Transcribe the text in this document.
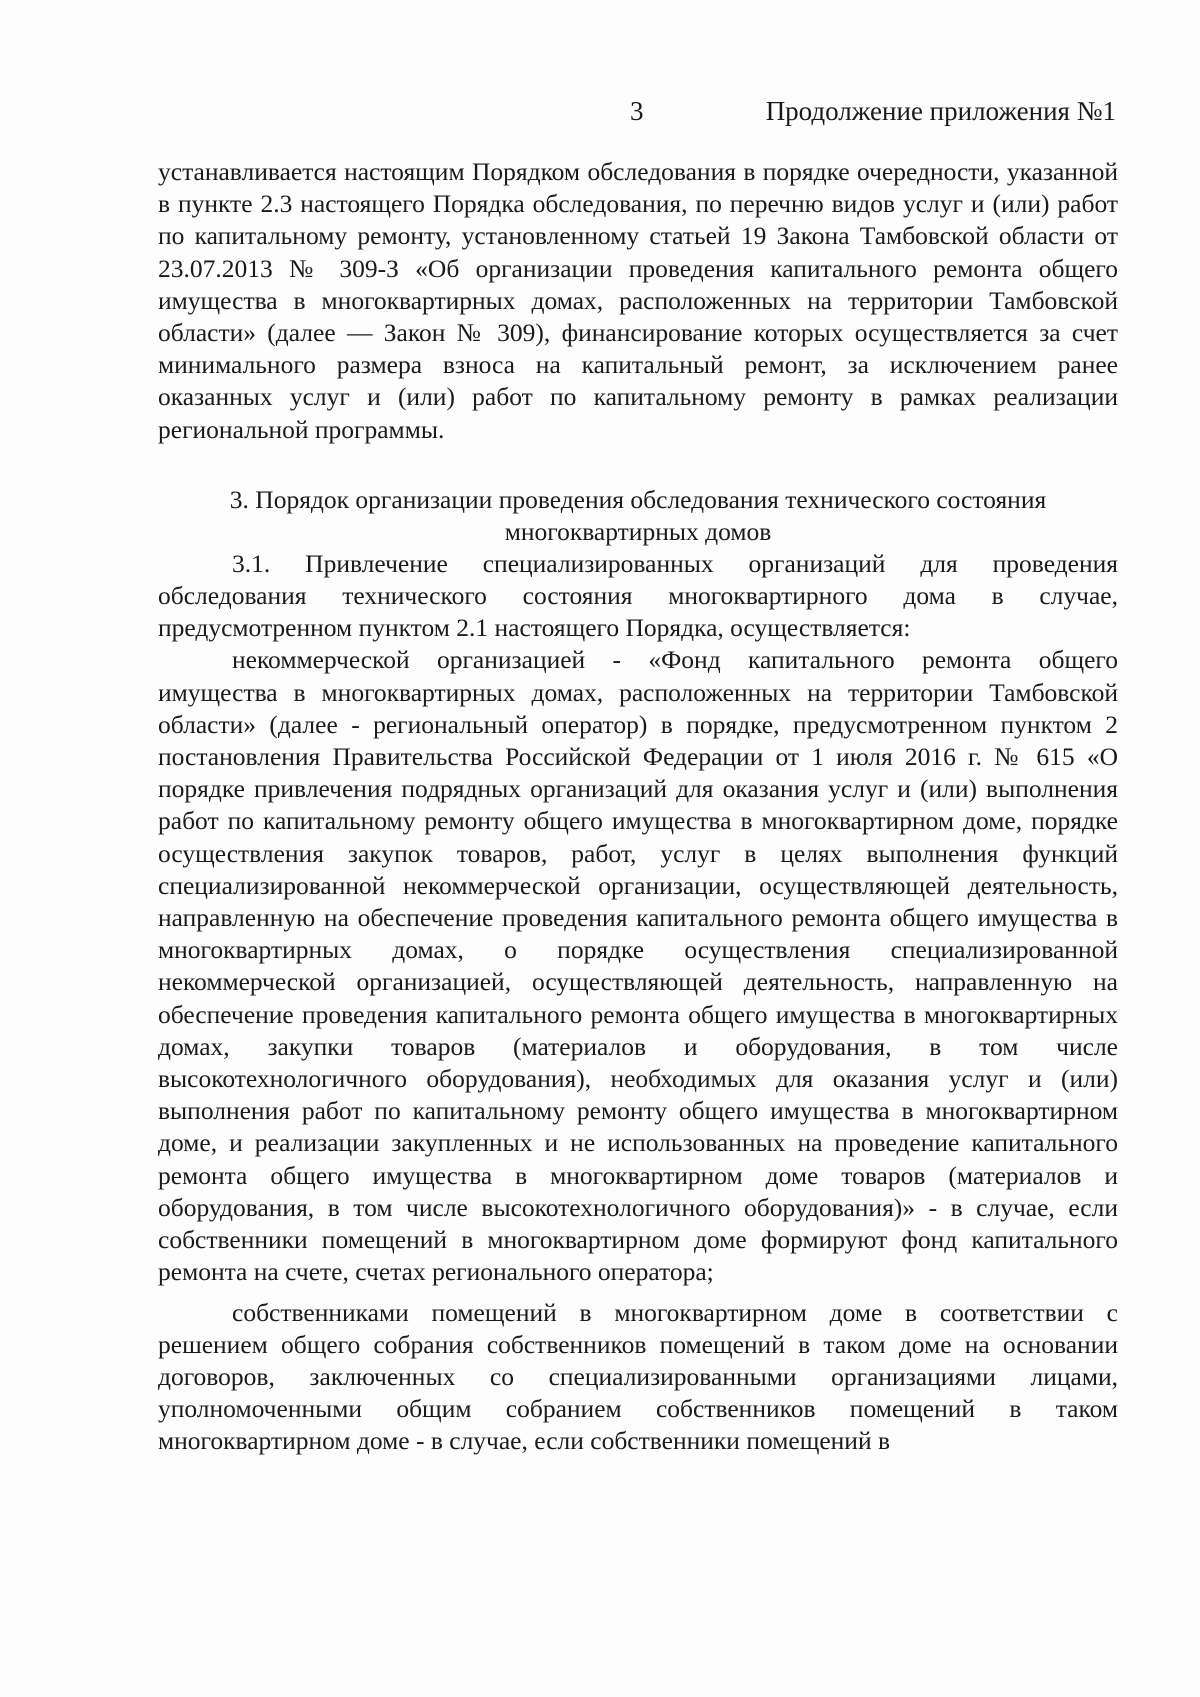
3	Продолжение приложения №1

устанавливается настоящим Порядком обследования в порядке очередности, указанной в пункте 2.3 настоящего Порядка обследования, по перечню видов услуг и (или) работ по капитальному ремонту, установленному статьей 19 Закона Тамбовской области от 23.07.2013 № 309-З «Об организации проведения капитального ремонта общего имущества в многоквартирных домах, расположенных на территории Тамбовской области» (далее — Закон № 309), финансирование которых осуществляется за счет минимального размера взноса на капитальный ремонт, за исключением ранее оказанных услуг и (или) работ по капитальному ремонту в рамках реализации региональной программы.

3. Порядок организации проведения обследования технического состояния
многоквартирных домов

3.1. Привлечение специализированных организаций для проведения обследования технического состояния многоквартирного дома в случае, предусмотренном пунктом 2.1 настоящего Порядка, осуществляется:

некоммерческой организацией - «Фонд капитального ремонта общего имущества в многоквартирных домах, расположенных на территории Тамбовской области» (далее - региональный оператор) в порядке, предусмотренном пунктом 2 постановления Правительства Российской Федерации от 1 июля 2016 г. № 615 «О порядке привлечения подрядных организаций для оказания услуг и (или) выполнения работ по капитальному ремонту общего имущества в многоквартирном доме, порядке осуществления закупок товаров, работ, услуг в целях выполнения функций специализированной некоммерческой организации, осуществляющей деятельность, направленную на обеспечение проведения капитального ремонта общего имущества в многоквартирных домах, о порядке осуществления специализированной некоммерческой организацией, осуществляющей деятельность, направленную на обеспечение проведения капитального ремонта общего имущества в многоквартирных домах, закупки товаров (материалов и оборудования, в том числе высокотехнологичного оборудования), необходимых для оказания услуг и (или) выполнения работ по капитальному ремонту общего имущества в многоквартирном доме, и реализации закупленных и не использованных на проведение капитального ремонта общего имущества в многоквартирном доме товаров (материалов и оборудования, в том числе высокотехнологичного оборудования)» - в случае, если собственники помещений в многоквартирном доме формируют фонд капитального ремонта на счете, счетах регионального оператора;

собственниками помещений в многоквартирном доме в соответствии с решением общего собрания собственников помещений в таком доме на основании договоров, заключенных со специализированными организациями лицами, уполномоченными общим собранием собственников помещений в таком многоквартирном доме - в случае, если собственники помещений в
